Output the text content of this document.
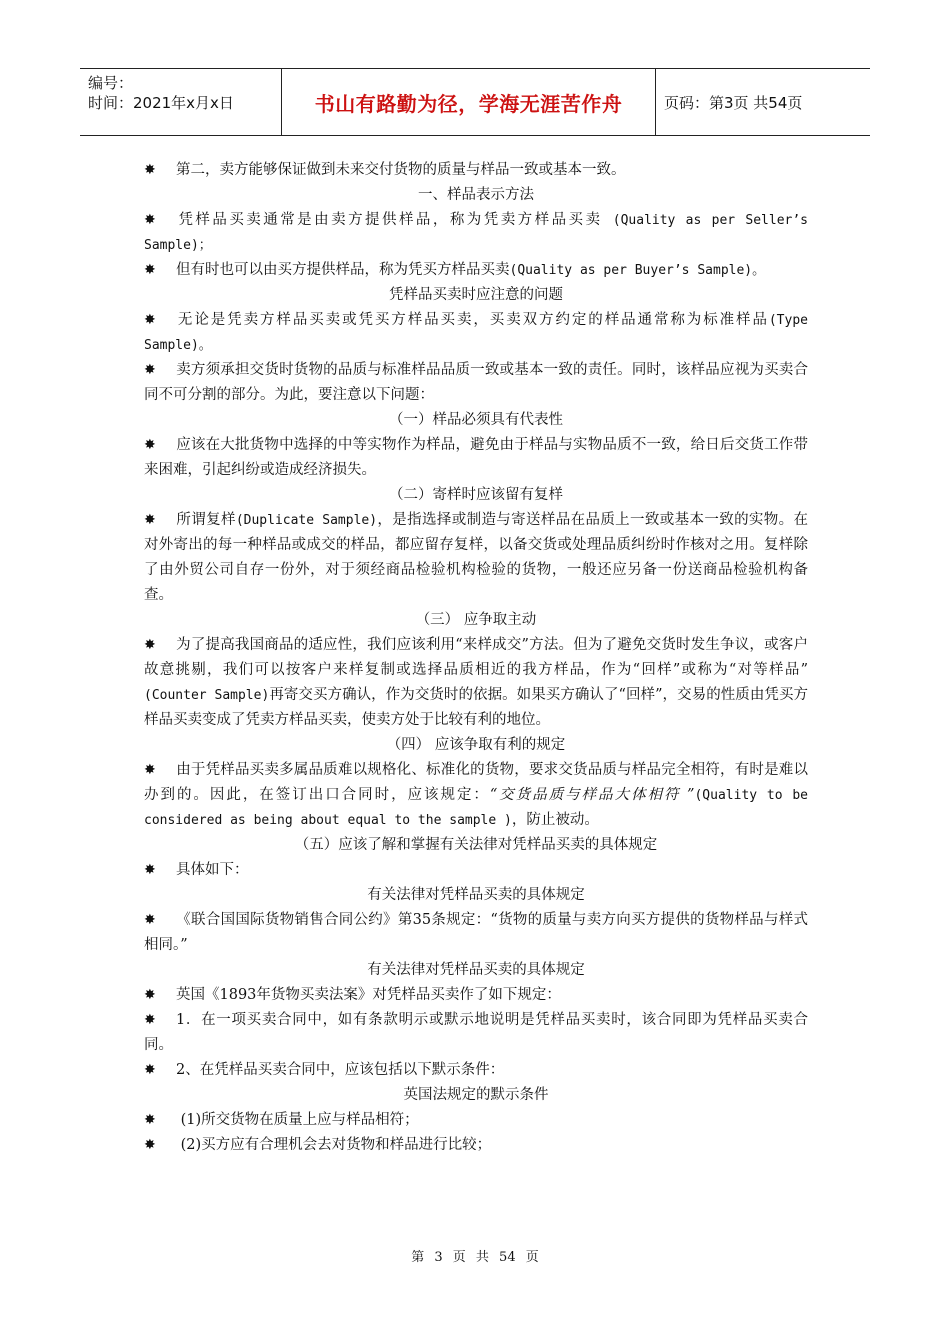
编号：
时间：2021年x月x日	书山有路勤为径，学海无涯苦作舟	页码：第3页 共54页

✸ 第二，卖方能够保证做到未来交付货物的质量与样品一致或基本一致。

一、样品表示方法

✸ 凭样品买卖通常是由卖方提供样品，称为凭卖方样品买卖 (Quality as per Seller’s Sample)；

✸ 但有时也可以由买方提供样品，称为凭买方样品买卖(Quality as per Buyer’s Sample)。

凭样品买卖时应注意的问题

✸ 无论是凭卖方样品买卖或凭买方样品买卖，买卖双方约定的样品通常称为标准样品(Type Sample)。

✸ 卖方须承担交货时货物的品质与标准样品品质一致或基本一致的责任。同时，该样品应视为买卖合同不可分割的部分。为此，要注意以下问题：

（一）样品必须具有代表性

✸ 应该在大批货物中选择的中等实物作为样品，避免由于样品与实物品质不一致，给日后交货工作带来困难，引起纠纷或造成经济损失。

（二）寄样时应该留有复样

✸ 所谓复样(Duplicate Sample)，是指选择或制造与寄送样品在品质上一致或基本一致的实物。在对外寄出的每一种样品或成交的样品，都应留存复样，以备交货或处理品质纠纷时作核对之用。复样除了由外贸公司自存一份外，对于须经商品检验机构检验的货物，一般还应另备一份送商品检验机构备查。

（三） 应争取主动

✸ 为了提高我国商品的适应性，我们应该利用“来样成交”方法。但为了避免交货时发生争议，或客户故意挑剔，我们可以按客户来样复制或选择品质相近的我方样品，作为“回样”或称为“对等样品” (Counter Sample)再寄交买方确认，作为交货时的依据。如果买方确认了“回样”，交易的性质由凭买方样品买卖变成了凭卖方样品买卖，使卖方处于比较有利的地位。

（四） 应该争取有利的规定

✸ 由于凭样品买卖多属品质难以规格化、标准化的货物，要求交货品质与样品完全相符，有时是难以办到的。因此，在签订出口合同时，应该规定：“交货品质与样品大体相符 ”(Quality to be considered as being about equal to the sample )，防止被动。

（五）应该了解和掌握有关法律对凭样品买卖的具体规定

✸ 具体如下：

有关法律对凭样品买卖的具体规定

✸ 《联合国国际货物销售合同公约》第35条规定：“货物的质量与卖方向买方提供的货物样品与样式相同。”

有关法律对凭样品买卖的具体规定

✸ 英国《1893年货物买卖法案》对凭样品买卖作了如下规定：

✸ 1．在一项买卖合同中，如有条款明示或默示地说明是凭样品买卖时，该合同即为凭样品买卖合同。

✸ 2、在凭样品买卖合同中，应该包括以下默示条件：

英国法规定的默示条件

✸ (1)所交货物在质量上应与样品相符；

✸ (2)买方应有合理机会去对货物和样品进行比较；

第 3 页 共 54 页
